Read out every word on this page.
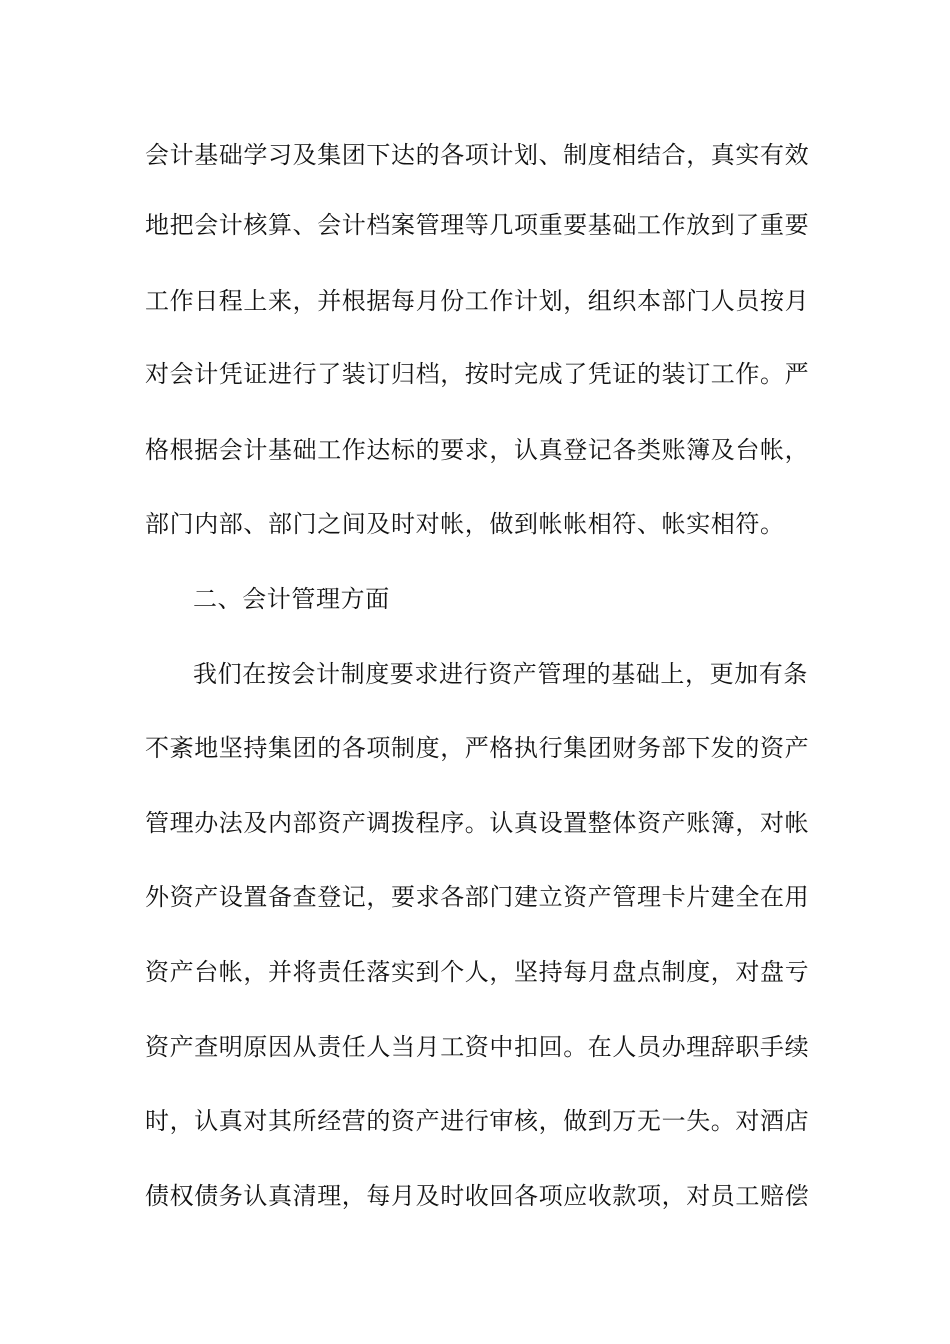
会计基础学习及集团下达的各项计划、制度相结合，真实有效
地把会计核算、会计档案管理等几项重要基础工作放到了重要
工作日程上来，并根据每月份工作计划，组织本部门人员按月
对会计凭证进行了装订归档，按时完成了凭证的装订工作。严
格根据会计基础工作达标的要求，认真登记各类账簿及台帐，
部门内部、部门之间及时对帐，做到帐帐相符、帐实相符。
二、会计管理方面
我们在按会计制度要求进行资产管理的基础上，更加有条
不紊地坚持集团的各项制度，严格执行集团财务部下发的资产
管理办法及内部资产调拨程序。认真设置整体资产账簿，对帐
外资产设置备查登记，要求各部门建立资产管理卡片建全在用
资产台帐，并将责任落实到个人，坚持每月盘点制度，对盘亏
资产查明原因从责任人当月工资中扣回。在人员办理辞职手续
时，认真对其所经营的资产进行审核，做到万无一失。对酒店
债权债务认真清理，每月及时收回各项应收款项，对员工赔偿
